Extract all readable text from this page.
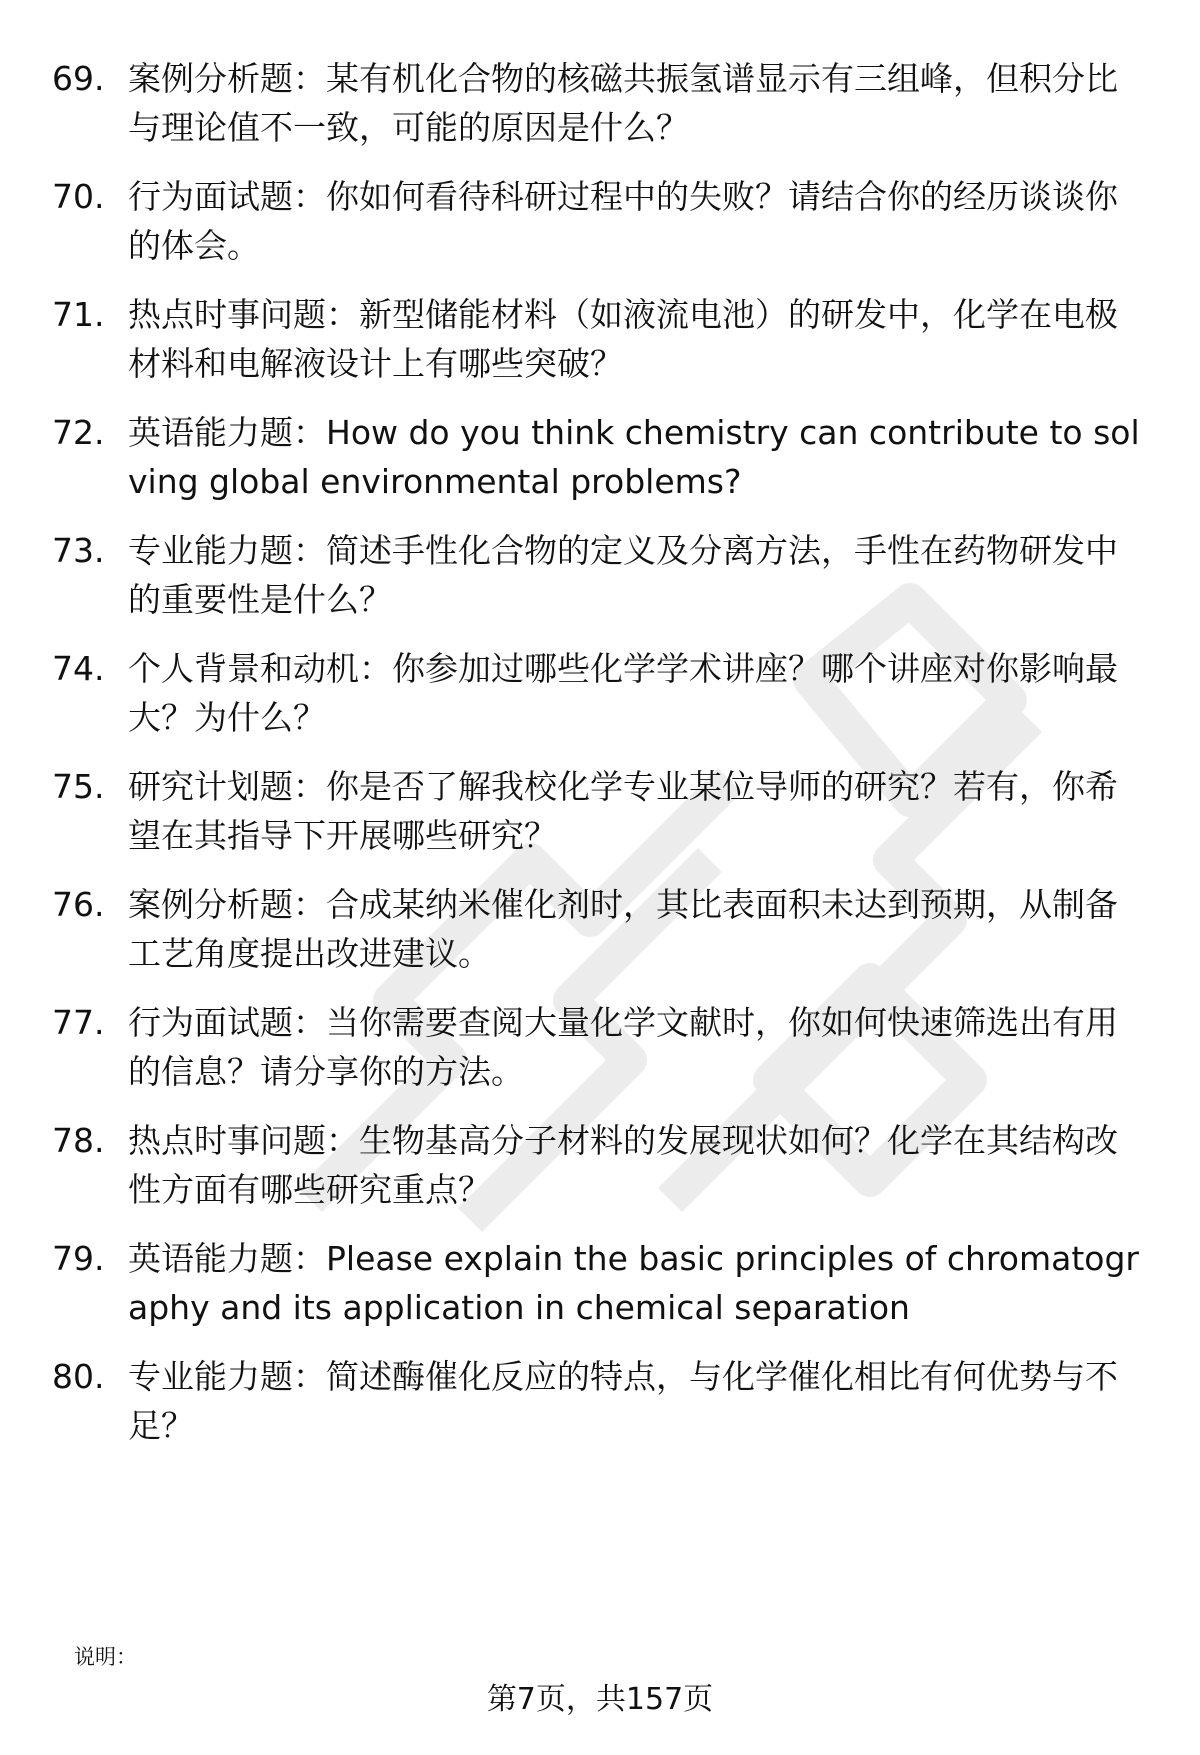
69. 案例分析题：某有机化合物的核磁共振氢谱显示有三组峰，但积分比与理论值不一致，可能的原因是什么？
70. 行为面试题：你如何看待科研过程中的失败？请结合你的经历谈谈你的体会。
71. 热点时事问题：新型储能材料（如液流电池）的研发中，化学在电极材料和电解液设计上有哪些突破？
72. 英语能力题：How do you think chemistry can contribute to solving global environmental problems?
73. 专业能力题：简述手性化合物的定义及分离方法，手性在药物研发中的重要性是什么？
74. 个人背景和动机：你参加过哪些化学学术讲座？哪个讲座对你影响最大？为什么？
75. 研究计划题：你是否了解我校化学专业某位导师的研究？若有，你希望在其指导下开展哪些研究？
76. 案例分析题：合成某纳米催化剂时，其比表面积未达到预期，从制备工艺角度提出改进建议。
77. 行为面试题：当你需要查阅大量化学文献时，你如何快速筛选出有用的信息？请分享你的方法。
78. 热点时事问题：生物基高分子材料的发展现状如何？化学在其结构改性方面有哪些研究重点？
79. 英语能力题：Please explain the basic principles of chromatography and its application in chemical separation
80. 专业能力题：简述酶催化反应的特点，与化学催化相比有何优势与不足？
说明：
第7页，共157页
